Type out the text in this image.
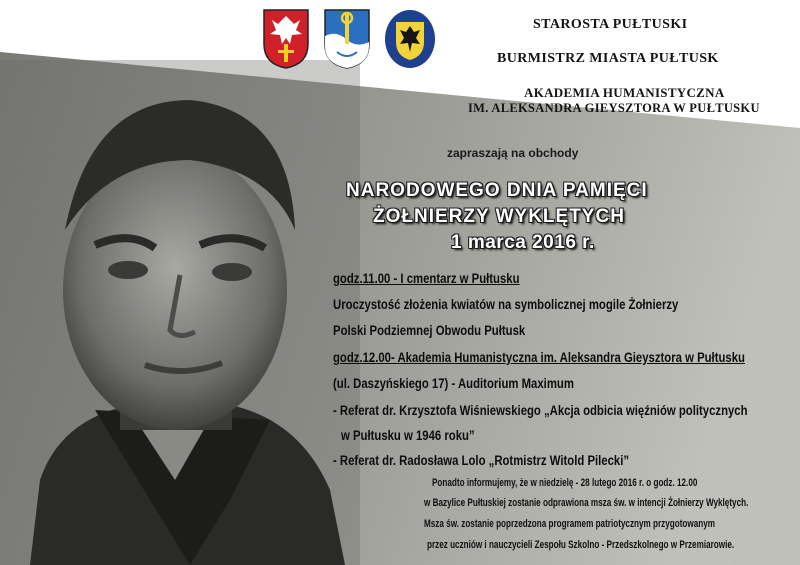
STAROSTA PUŁTUSKI
BURMISTRZ MIASTA PUŁTUSK
AKADEMIA HUMANISTYCZNA
IM. ALEKSANDRA GIEYSZTORA W PUŁTUSKU
zapraszają na obchody
NARODOWEGO DNIA PAMIĘCI
ŻOŁNIERZY WYKLĘTYCH
1 marca 2016 r.
godz.11.00 - I cmentarz w Pułtusku
Uroczystość złożenia kwiatów na symbolicznej mogile Żołnierzy
Polski Podziemnej Obwodu Pułtusk
godz.12.00- Akademia Humanistyczna im. Aleksandra Gieysztora w Pułtusku
(ul. Daszyńskiego 17) - Auditorium Maximum
- Referat dr. Krzysztofa Wiśniewskiego „Akcja odbicia więźniów politycznych
w Pułtusku w 1946 roku”
- Referat dr. Radosława Lolo „Rotmistrz Witold Pilecki”
Ponadto informujemy, że w niedzielę - 28 lutego 2016 r. o godz. 12.00
w Bazylice Pułtuskiej zostanie odprawiona msza św. w intencji Żołnierzy Wyklętych.
Msza św. zostanie poprzedzona programem patriotycznym przygotowanym
przez uczniów i nauczycieli Zespołu Szkolno - Przedszkolnego w Przemiarowie.
